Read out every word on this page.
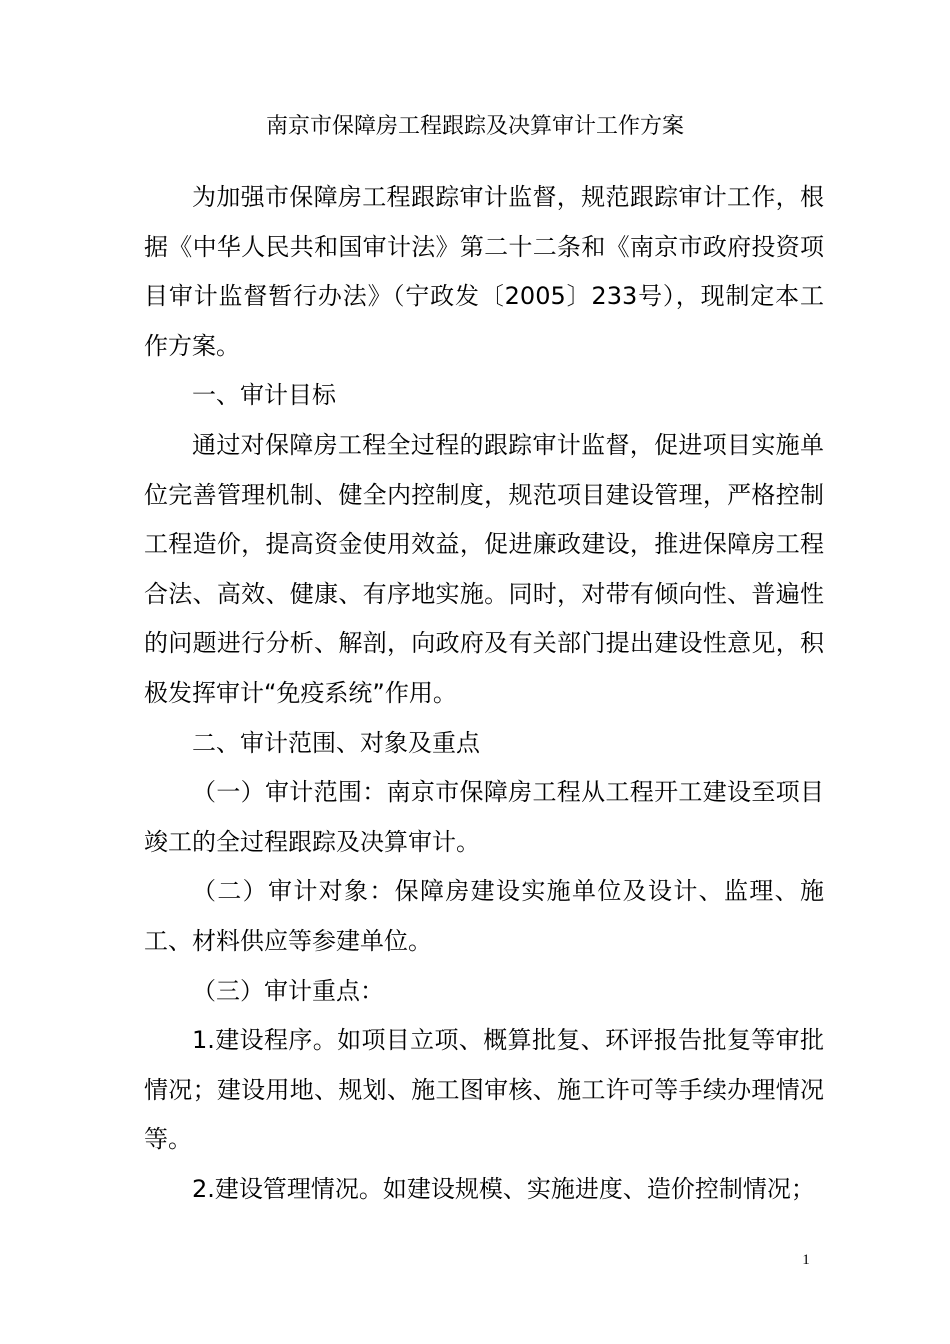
南京市保障房工程跟踪及决算审计工作方案

为加强市保障房工程跟踪审计监督，规范跟踪审计工作，根据《中华人民共和国审计法》第二十二条和《南京市政府投资项目审计监督暂行办法》（宁政发〔2005〕233号），现制定本工作方案。

一、审计目标

通过对保障房工程全过程的跟踪审计监督，促进项目实施单位完善管理机制、健全内控制度，规范项目建设管理，严格控制工程造价，提高资金使用效益，促进廉政建设，推进保障房工程合法、高效、健康、有序地实施。同时，对带有倾向性、普遍性的问题进行分析、解剖，向政府及有关部门提出建设性意见，积极发挥审计“免疫系统”作用。

二、审计范围、对象及重点

（一）审计范围：南京市保障房工程从工程开工建设至项目竣工的全过程跟踪及决算审计。

（二）审计对象：保障房建设实施单位及设计、监理、施工、材料供应等参建单位。

（三）审计重点：

1.建设程序。如项目立项、概算批复、环评报告批复等审批情况；建设用地、规划、施工图审核、施工许可等手续办理情况等。

2.建设管理情况。如建设规模、实施进度、造价控制情况；

1
